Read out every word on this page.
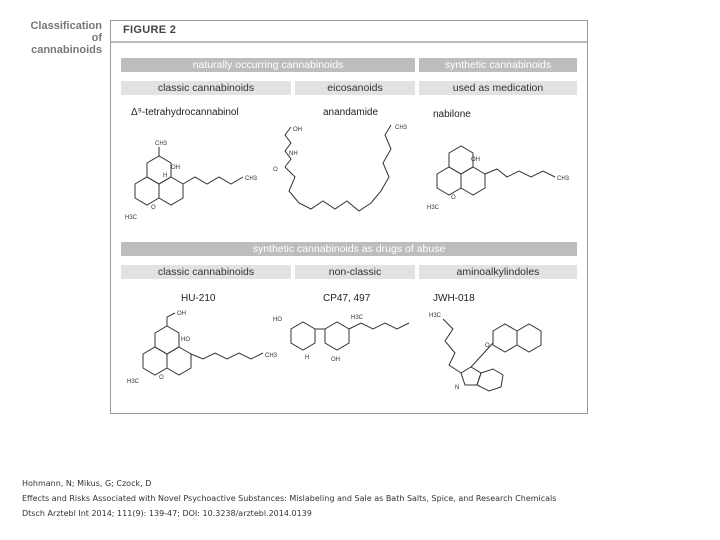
Classification of cannabinoids
FIGURE 2
naturally occurring cannabinoids	synthetic cannabinoids
classic cannabinoids	eicosanoids	used as medication
Δ⁹-tetrahydrocannabinol	anandamide	nabilone
CH3
OH
H
O
CH3
H3C
OH
NH
O
CH3
OH
O
H3C
CH3
synthetic cannabinoids as drugs of abuse
classic cannabinoids	non-classic	aminoalkylindoles
HU-210	CP47, 497	JWH-018
OH
HO
O
H3C
CH3
HO
H
H3C
OH
H3C
N
O
Hohmann, N; Mikus, G; Czock, D
Effects and Risks Associated with Novel Psychoactive Substances: Mislabeling and Sale as Bath Salts, Spice, and Research Chemicals
Dtsch Arztebl Int 2014; 111(9): 139-47; DOI: 10.3238/arztebl.2014.0139
